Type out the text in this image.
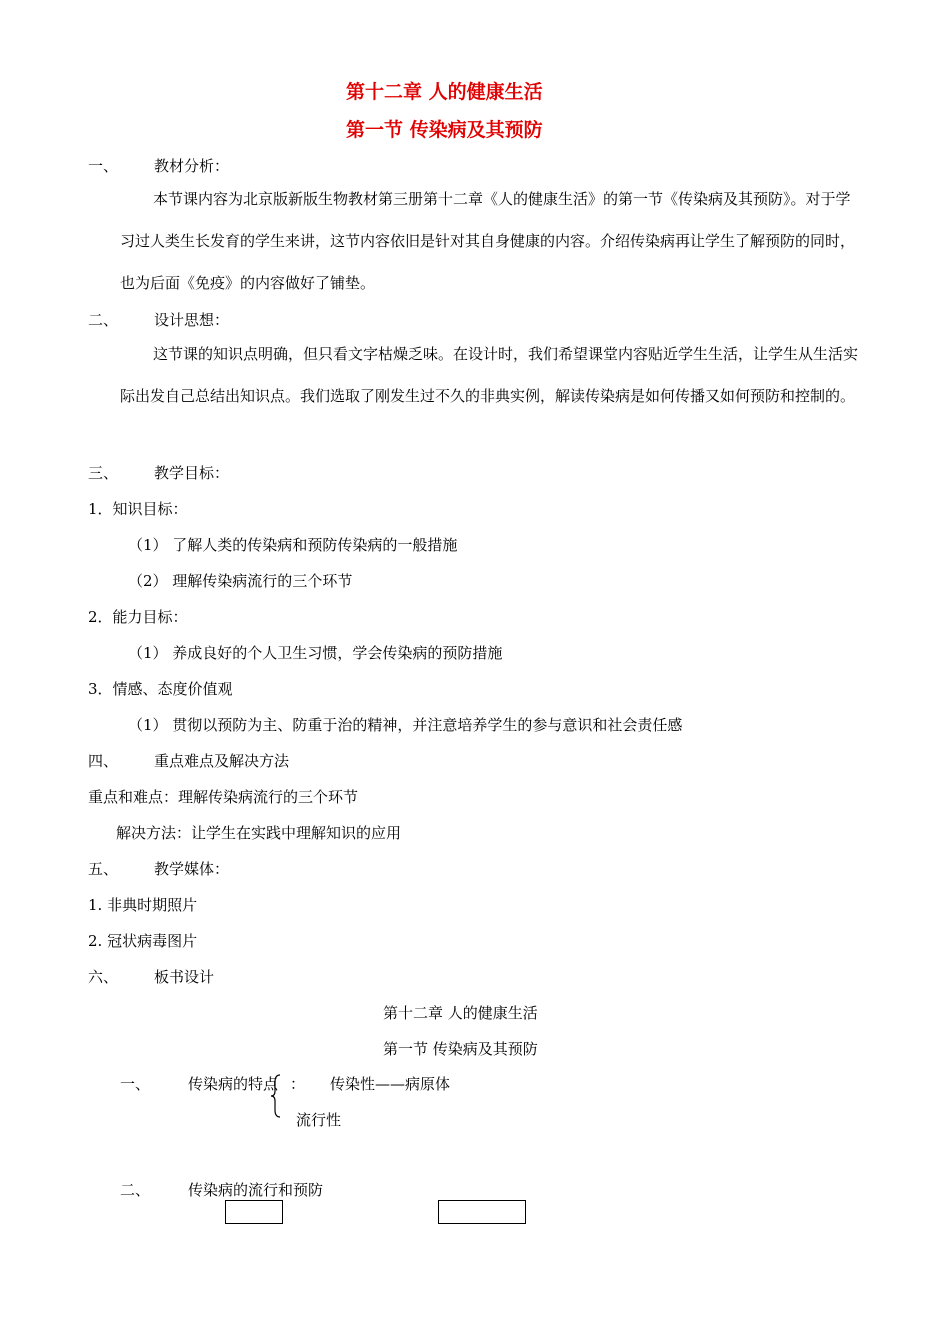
第十二章 人的健康生活
第一节 传染病及其预防
一、 教材分析：
本节课内容为北京版新版生物教材第三册第十二章《人的健康生活》的第一节《传染病及其预防》。对于学习过人类生长发育的学生来讲，这节内容依旧是针对其自身健康的内容。介绍传染病再让学生了解预防的同时，也为后面《免疫》的内容做好了铺垫。
二、 设计思想：
这节课的知识点明确，但只看文字枯燥乏味。在设计时，我们希望课堂内容贴近学生生活，让学生从生活实际出发自己总结出知识点。我们选取了刚发生过不久的非典实例，解读传染病是如何传播又如何预防和控制的。
三、 教学目标：
1．知识目标：
（1） 了解人类的传染病和预防传染病的一般措施
（2） 理解传染病流行的三个环节
2．能力目标：
（1） 养成良好的个人卫生习惯，学会传染病的预防措施
3．情感、态度价值观
（1） 贯彻以预防为主、防重于治的精神，并注意培养学生的参与意识和社会责任感
四、 重点难点及解决方法
重点和难点：理解传染病流行的三个环节
解决方法：让学生在实践中理解知识的应用
五、 教学媒体：
1. 非典时期照片
2. 冠状病毒图片
六、 板书设计
第十二章 人的健康生活
第一节 传染病及其预防
一、	传染病的特点 ： 传染性——病原体
流行性
二、	传染病的流行和预防
